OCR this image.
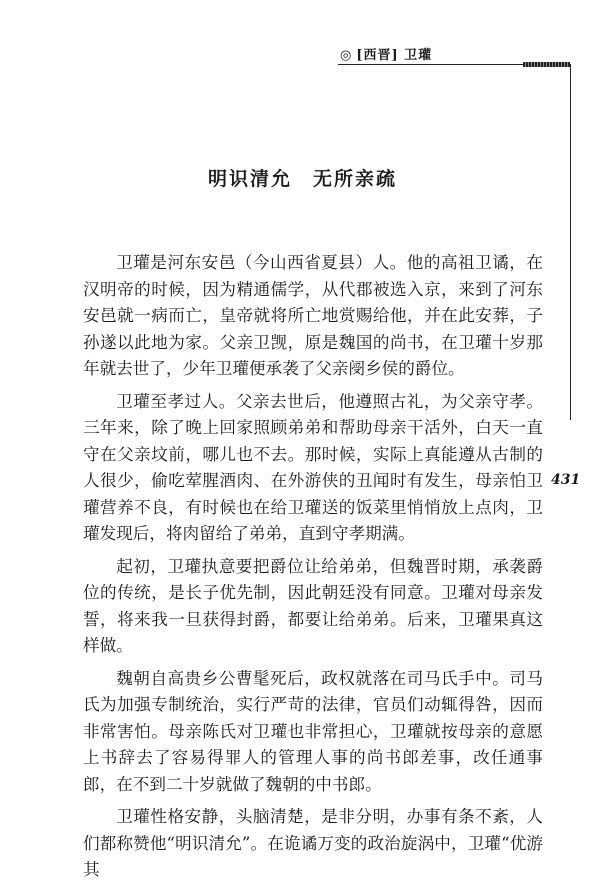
◎ [西晋] 卫瓘
431
明识清允　无所亲疏

卫瓘是河东安邑（今山西省夏县）人。他的高祖卫谲，在汉明帝的时候，因为精通儒学，从代郡被选入京，来到了河东安邑就一病而亡，皇帝就将所亡地赏赐给他，并在此安葬，子孙遂以此地为家。父亲卫觊，原是魏国的尚书，在卫瓘十岁那年就去世了，少年卫瓘便承袭了父亲阌乡侯的爵位。

卫瓘至孝过人。父亲去世后，他遵照古礼，为父亲守孝。三年来，除了晚上回家照顾弟弟和帮助母亲干活外，白天一直守在父亲坟前，哪儿也不去。那时候，实际上真能遵从古制的人很少，偷吃荤腥酒肉、在外游侠的丑闻时有发生，母亲怕卫瓘营养不良，有时候也在给卫瓘送的饭菜里悄悄放上点肉，卫瓘发现后，将肉留给了弟弟，直到守孝期满。

起初，卫瓘执意要把爵位让给弟弟，但魏晋时期，承袭爵位的传统，是长子优先制，因此朝廷没有同意。卫瓘对母亲发誓，将来我一旦获得封爵，都要让给弟弟。后来，卫瓘果真这样做。

魏朝自高贵乡公曹髦死后，政权就落在司马氏手中。司马氏为加强专制统治，实行严苛的法律，官员们动辄得咎，因而非常害怕。母亲陈氏对卫瓘也非常担心，卫瓘就按母亲的意愿上书辞去了容易得罪人的管理人事的尚书郎差事，改任通事郎，在不到二十岁就做了魏朝的中书郎。

卫瓘性格安静，头脑清楚，是非分明，办事有条不紊，人们都称赞他“明识清允”。在诡谲万变的政治旋涡中，卫瓘“优游其
